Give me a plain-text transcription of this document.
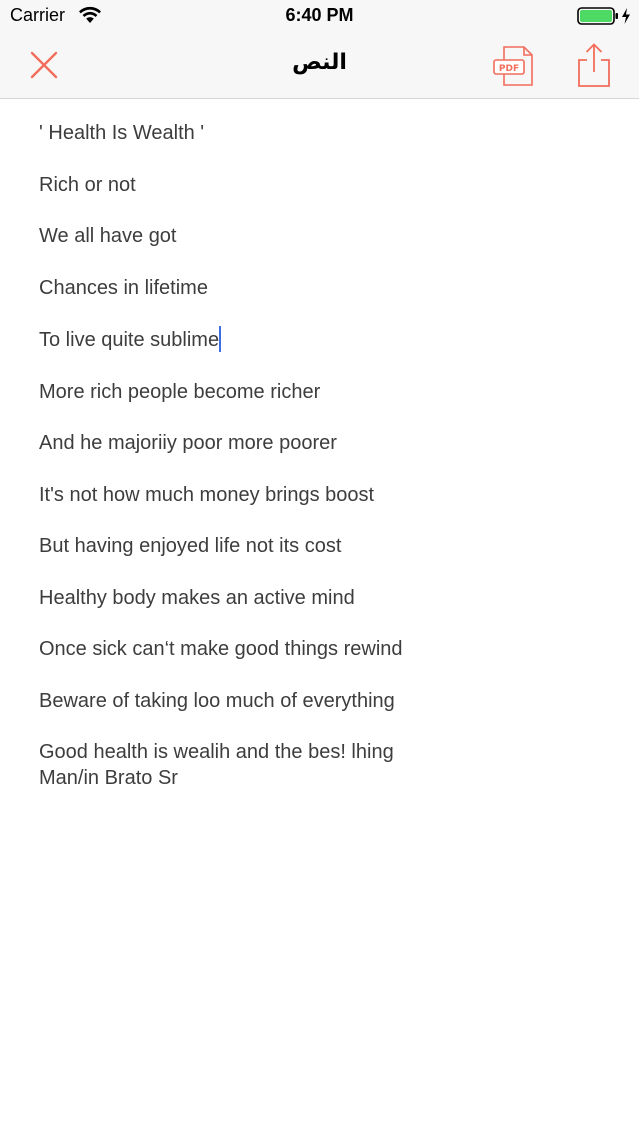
Carrier	6:40 PM
النص	PDF
' Health Is Wealth '
Rich or not
We all have got
Chances in lifetime
To live quite sublime
More rich people become richer
And he majoriiy poor more poorer
It's not how much money brings boost
But having enjoyed life not its cost
Healthy body makes an active mind
Once sick can‘t make good things rewind
Beware of taking loo much of everything
Good health is wealih and the bes! lhing
Man/in Brato Sr
